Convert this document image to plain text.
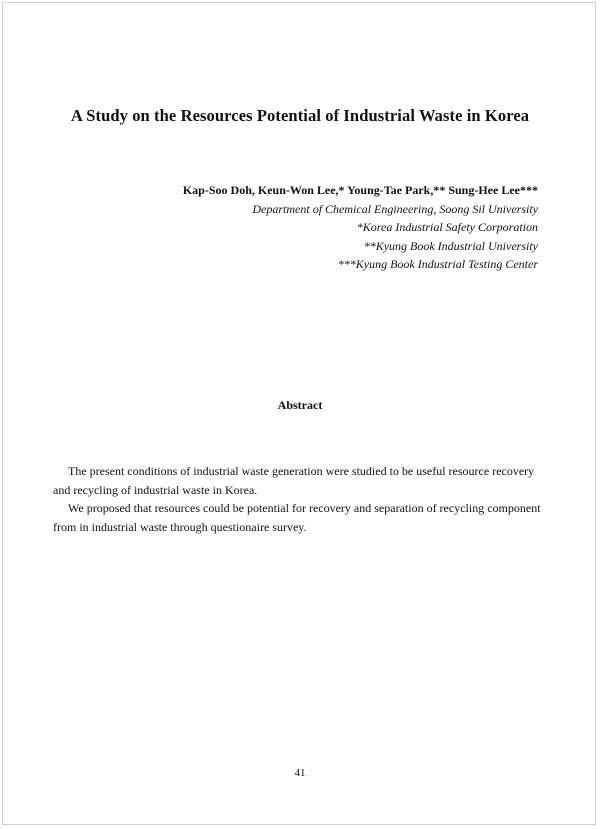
A Study on the Resources Potential of Industrial Waste in Korea
Kap-Soo Doh, Keun-Won Lee,* Young-Tae Park,** Sung-Hee Lee***
Department of Chemical Engineering, Soong Sil University
*Korea Industrial Safety Corporation
**Kyung Book Industrial University
***Kyung Book Industrial Testing Center
Abstract

The present conditions of industrial waste generation were studied to be useful resource recovery and recycling of industrial waste in Korea.

We proposed that resources could be potential for recovery and separation of recycling component from in industrial waste through questionaire survey.

41
